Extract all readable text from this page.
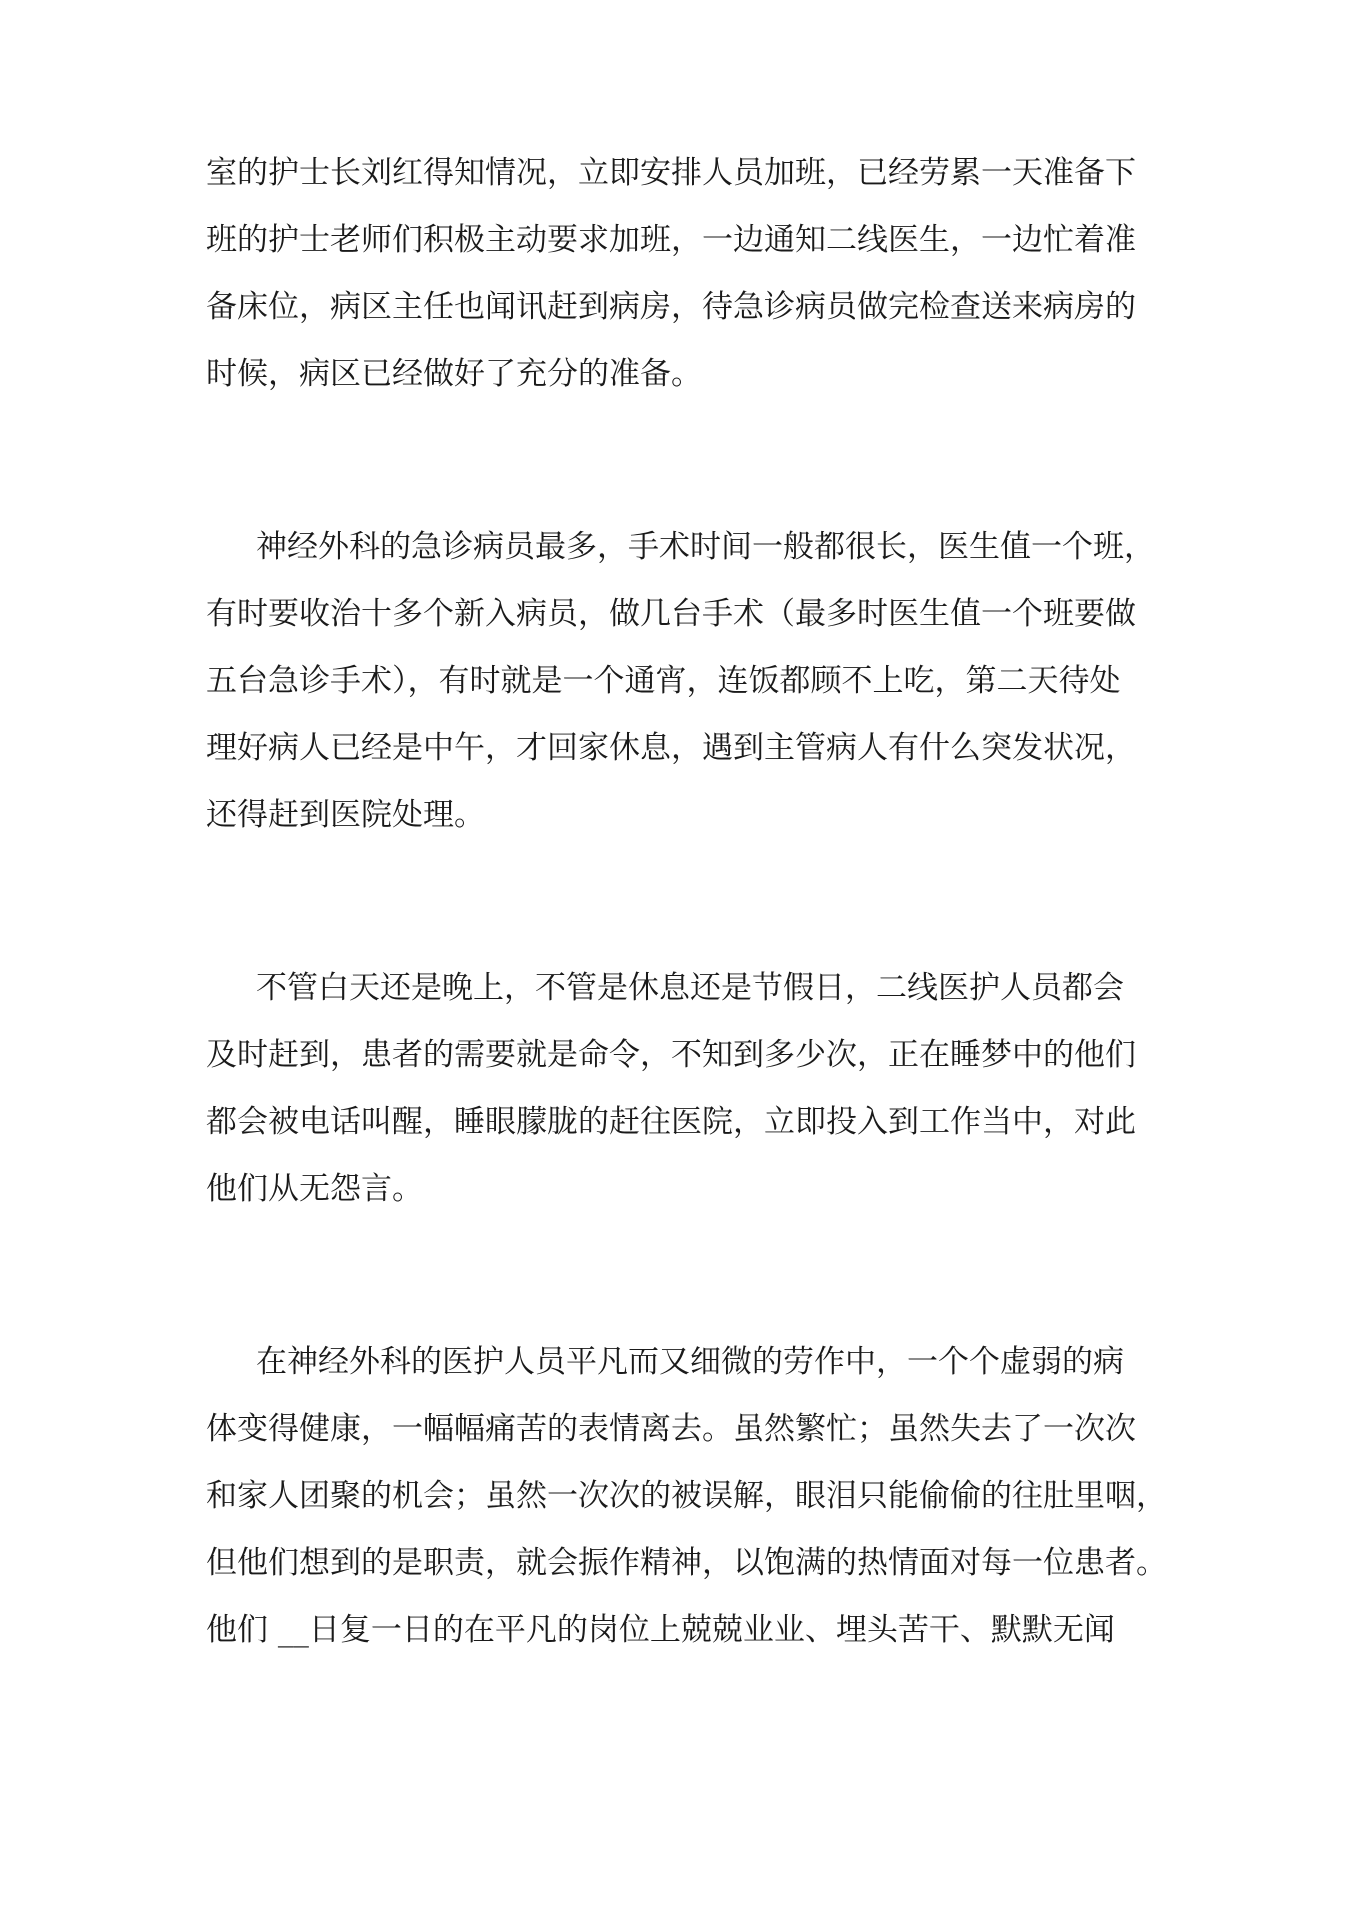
室的护士长刘红得知情况，立即安排人员加班，已经劳累一天准备下
班的护士老师们积极主动要求加班，一边通知二线医生，一边忙着准
备床位，病区主任也闻讯赶到病房，待急诊病员做完检查送来病房的
时候，病区已经做好了充分的准备。
神经外科的急诊病员最多，手术时间一般都很长，医生值一个班，
有时要收治十多个新入病员，做几台手术（最多时医生值一个班要做
五台急诊手术），有时就是一个通宵，连饭都顾不上吃，第二天待处
理好病人已经是中午，才回家休息，遇到主管病人有什么突发状况，
还得赶到医院处理。
不管白天还是晚上，不管是休息还是节假日，二线医护人员都会
及时赶到，患者的需要就是命令，不知到多少次，正在睡梦中的他们
都会被电话叫醒，睡眼朦胧的赶往医院，立即投入到工作当中，对此
他们从无怨言。
在神经外科的医护人员平凡而又细微的劳作中，一个个虚弱的病
体变得健康，一幅幅痛苦的表情离去。虽然繁忙；虽然失去了一次次
和家人团聚的机会；虽然一次次的被误解，眼泪只能偷偷的往肚里咽，
但他们想到的是职责，就会振作精神，以饱满的热情面对每一位患者。
他们 __日复一日的在平凡的岗位上兢兢业业、埋头苦干、默默无闻
